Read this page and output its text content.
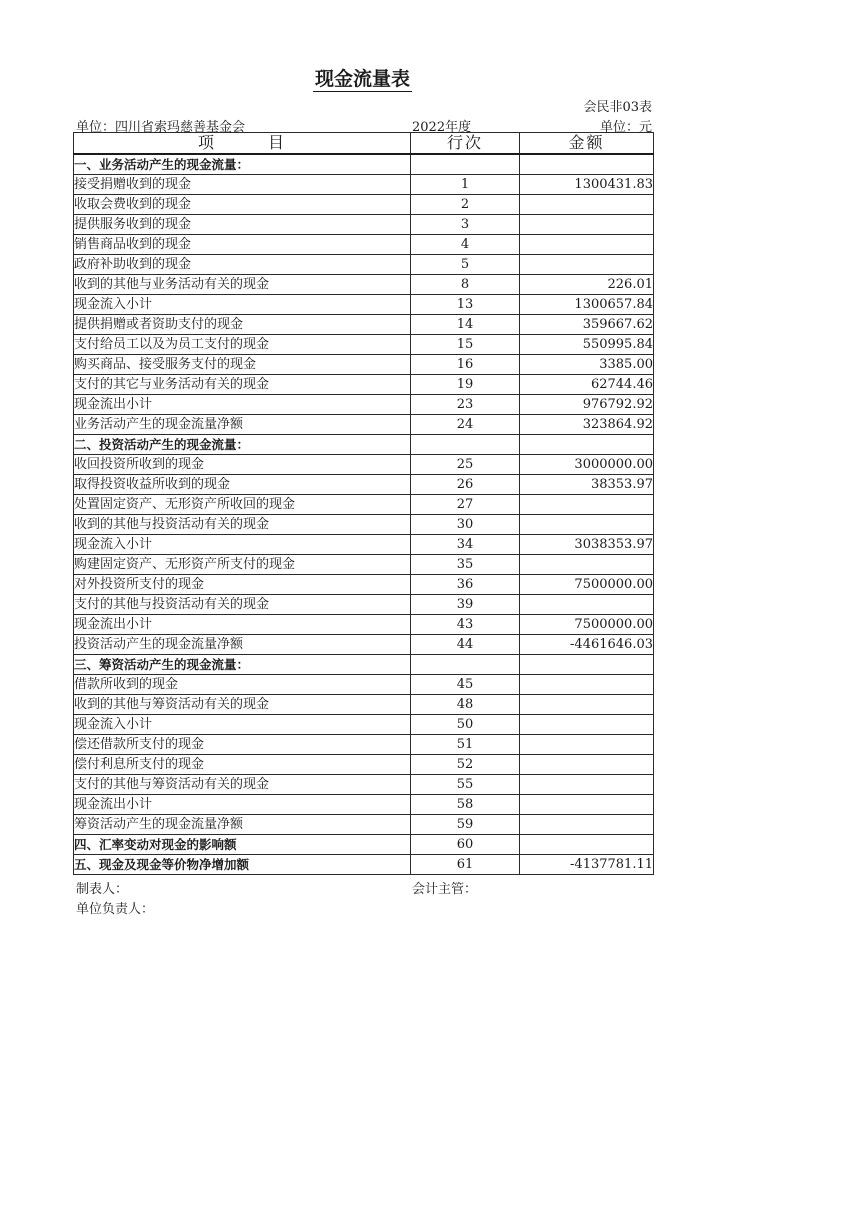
现金流量表
会民非03表
单位：四川省索玛慈善基金会	2022年度	单位：元
项 目	行次	金额
一、业务活动产生的现金流量：		
接受捐赠收到的现金	1	1300431.83
收取会费收到的现金	2	
提供服务收到的现金	3	
销售商品收到的现金	4	
政府补助收到的现金	5	
收到的其他与业务活动有关的现金	8	226.01
现金流入小计	13	1300657.84
提供捐赠或者资助支付的现金	14	359667.62
支付给员工以及为员工支付的现金	15	550995.84
购买商品、接受服务支付的现金	16	3385.00
支付的其它与业务活动有关的现金	19	62744.46
现金流出小计	23	976792.92
业务活动产生的现金流量净额	24	323864.92
二、投资活动产生的现金流量：		
收回投资所收到的现金	25	3000000.00
取得投资收益所收到的现金	26	38353.97
处置固定资产、无形资产所收回的现金	27	
收到的其他与投资活动有关的现金	30	
现金流入小计	34	3038353.97
购建固定资产、无形资产所支付的现金	35	
对外投资所支付的现金	36	7500000.00
支付的其他与投资活动有关的现金	39	
现金流出小计	43	7500000.00
投资活动产生的现金流量净额	44	-4461646.03
三、筹资活动产生的现金流量：		
借款所收到的现金	45	
收到的其他与筹资活动有关的现金	48	
现金流入小计	50	
偿还借款所支付的现金	51	
偿付利息所支付的现金	52	
支付的其他与筹资活动有关的现金	55	
现金流出小计	58	
筹资活动产生的现金流量净额	59	
四、汇率变动对现金的影响额	60	
五、现金及现金等价物净增加额	61	-4137781.11
制表人：	会计主管：
单位负责人：
